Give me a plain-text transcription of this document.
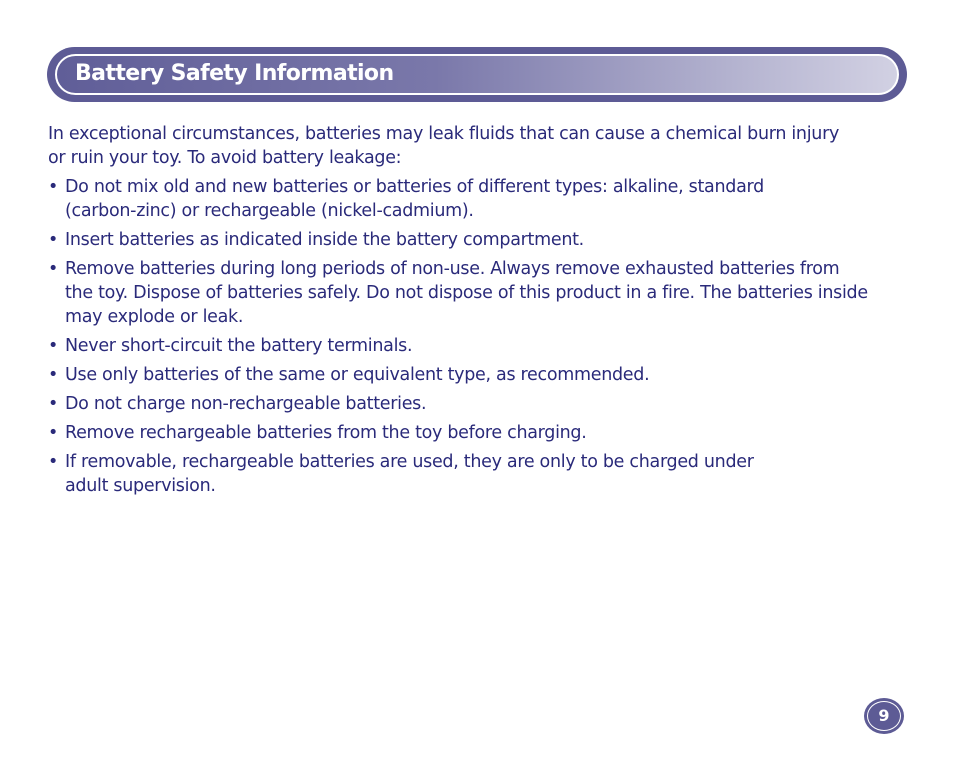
Battery Safety Information

In exceptional circumstances, batteries may leak fluids that can cause a chemical burn injury
or ruin your toy. To avoid battery leakage:

• Do not mix old and new batteries or batteries of different types: alkaline, standard
(carbon-zinc) or rechargeable (nickel-cadmium).
• Insert batteries as indicated inside the battery compartment.
• Remove batteries during long periods of non-use. Always remove exhausted batteries from
the toy. Dispose of batteries safely. Do not dispose of this product in a fire. The batteries inside
may explode or leak.
• Never short-circuit the battery terminals.
• Use only batteries of the same or equivalent type, as recommended.
• Do not charge non-rechargeable batteries.
• Remove rechargeable batteries from the toy before charging.
• If removable, rechargeable batteries are used, they are only to be charged under
adult supervision.
9
